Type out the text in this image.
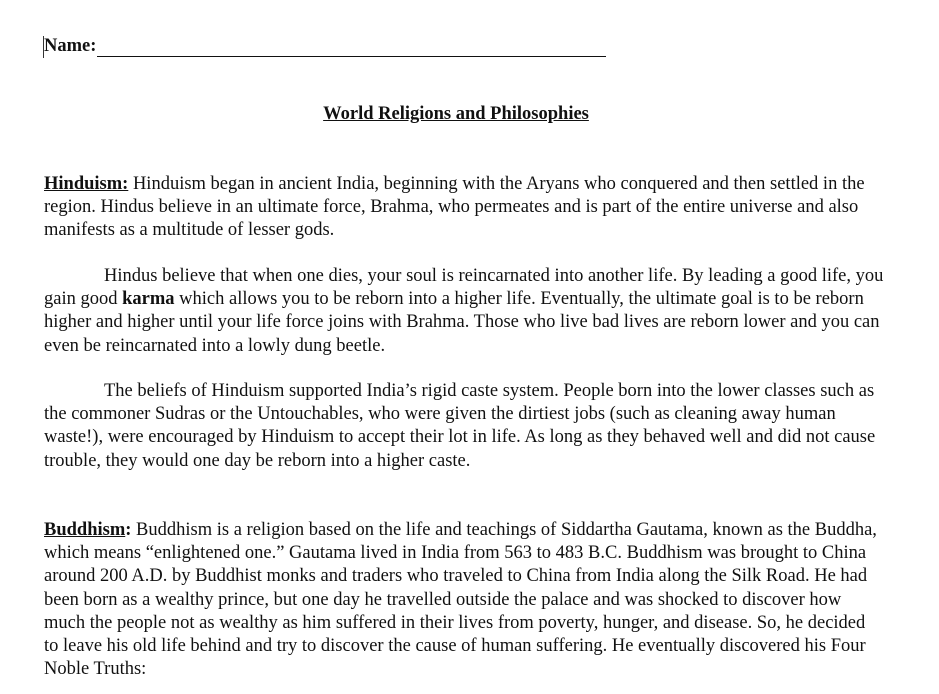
Name:
World Religions and Philosophies

Hinduism: Hinduism began in ancient India, beginning with the Aryans who conquered and then settled in the region. Hindus believe in an ultimate force, Brahma, who permeates and is part of the entire universe and also manifests as a multitude of lesser gods.

Hindus believe that when one dies, your soul is reincarnated into another life. By leading a good life, you gain good karma which allows you to be reborn into a higher life. Eventually, the ultimate goal is to be reborn higher and higher until your life force joins with Brahma. Those who live bad lives are reborn lower and you can even be reincarnated into a lowly dung beetle.

The beliefs of Hinduism supported India’s rigid caste system. People born into the lower classes such as the commoner Sudras or the Untouchables, who were given the dirtiest jobs (such as cleaning away human waste!), were encouraged by Hinduism to accept their lot in life. As long as they behaved well and did not cause trouble, they would one day be reborn into a higher caste.

Buddhism: Buddhism is a religion based on the life and teachings of Siddartha Gautama, known as the Buddha, which means “enlightened one.” Gautama lived in India from 563 to 483 B.C. Buddhism was brought to China around 200 A.D. by Buddhist monks and traders who traveled to China from India along the Silk Road. He had been born as a wealthy prince, but one day he travelled outside the palace and was shocked to discover how much the people not as wealthy as him suffered in their lives from poverty, hunger, and disease. So, he decided to leave his old life behind and try to discover the cause of human suffering. He eventually discovered his Four Noble Truths:
